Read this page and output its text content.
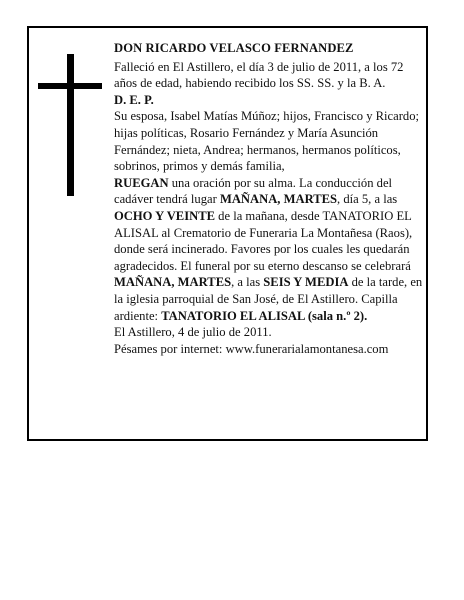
DON RICARDO VELASCO FERNANDEZ

Falleció en El Astillero, el día 3 de julio de 2011, a los 72 años de edad, habiendo recibido los SS. SS. y la B. A.

D. E. P.

Su esposa, Isabel Matías Múñoz; hijos, Francisco y Ricardo; hijas políticas, Rosario Fernández y María Asunción Fernández; nieta, Andrea; hermanos, hermanos políticos, sobrinos, primos y demás familia,

RUEGAN una oración por su alma. La conducción del cadáver tendrá lugar MAÑANA, MARTES, día 5, a las OCHO Y VEINTE de la mañana, desde TANATORIO EL ALISAL al Crematorio de Funeraria La Montañesa (Raos), donde será incinerado. Favores por los cuales les quedarán agradecidos. El funeral por su eterno descanso se celebrará MAÑANA, MARTES, a las SEIS Y MEDIA de la tarde, en la iglesia parroquial de San José, de El Astillero. Capilla ardiente: TANATORIO EL ALISAL (sala n.º 2).

El Astillero, 4 de julio de 2011.

Pésames por internet: www.funerarialamontanesa.com
